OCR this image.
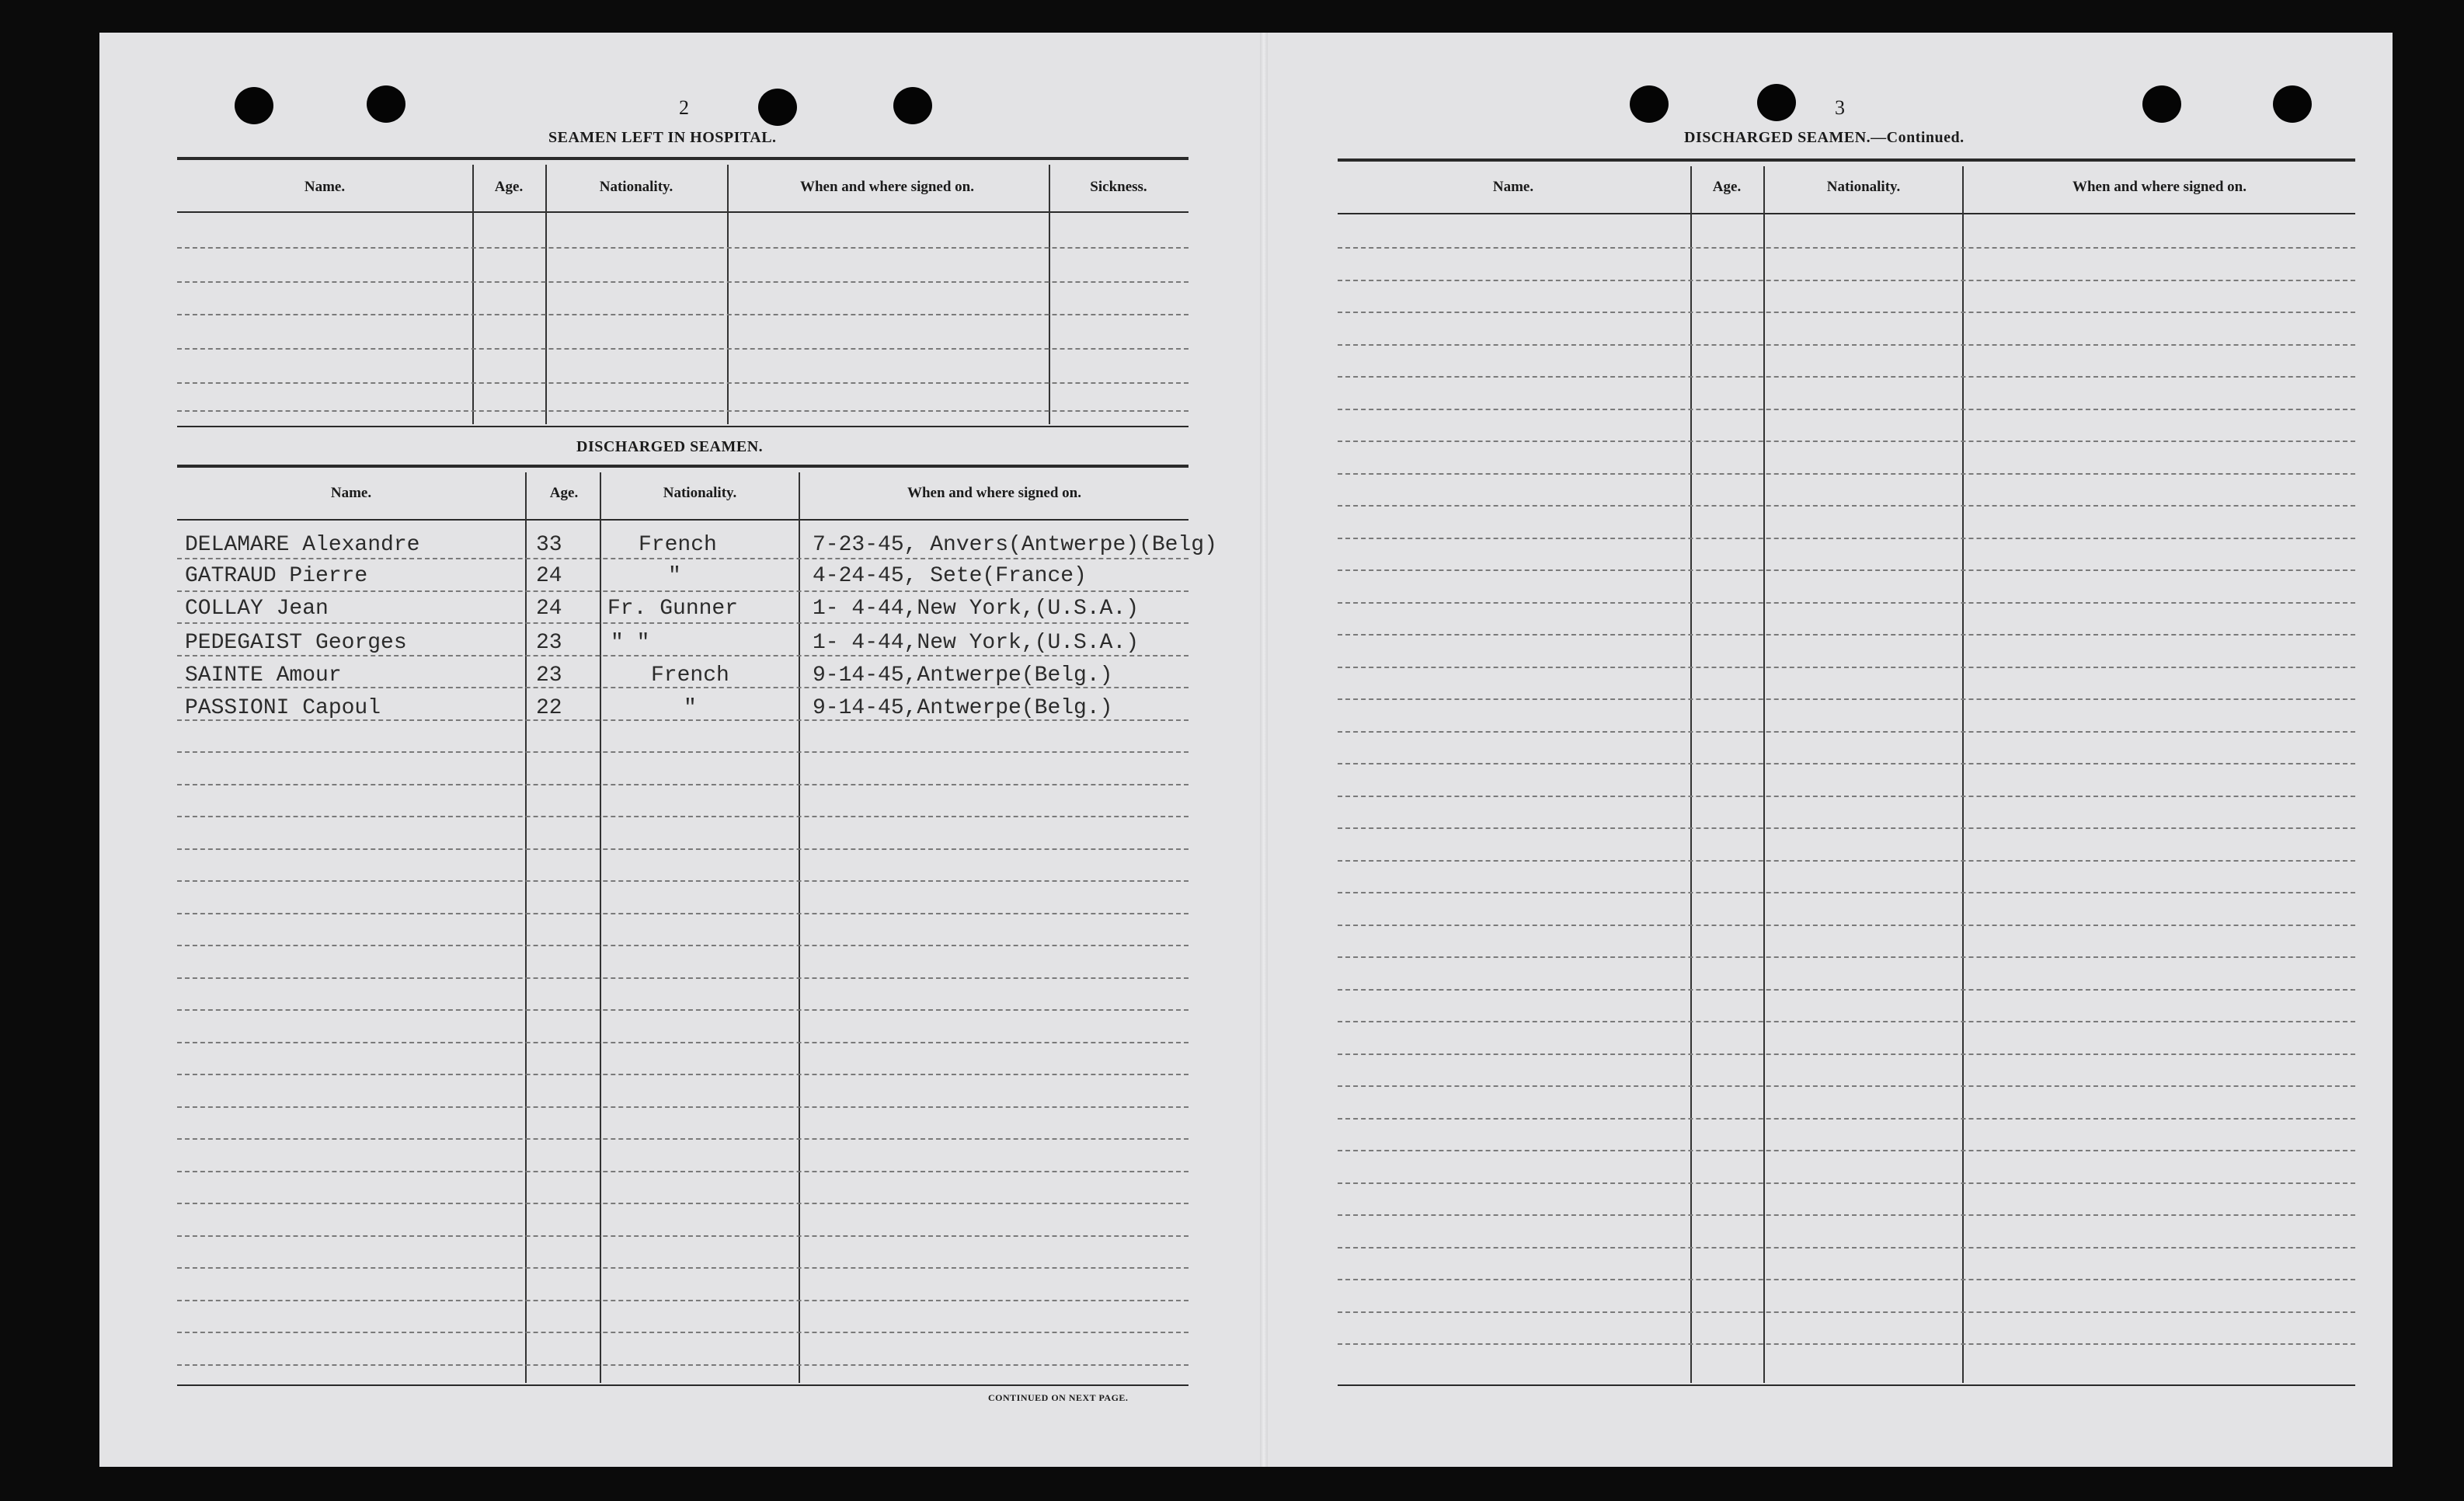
2
SEAMEN LEFT IN HOSPITAL.
Name.	Age.	Nationality.	When and where signed on.	Sickness.
DISCHARGED SEAMEN.
Name.	Age.	Nationality.	When and where signed on.
DELAMARE Alexandre	33	French	7-23-45, Anvers(Antwerpe)(Belg)
GATRAUD Pierre	24	"	4-24-45, Sete(France)
COLLAY Jean	24 Fr. Gunner	1- 4-44,New York,(U.S.A.)
PEDEGAIST Georges	23 " "	1- 4-44,New York,(U.S.A.)
SAINTE Amour	23	French	9-14-45,Antwerpe(Belg.)
PASSIONI Capoul	22	"	9-14-45,Antwerpe(Belg.)
CONTINUED ON NEXT PAGE.
3
DISCHARGED SEAMEN.—Continued.
Name.	Age.	Nationality.	When and where signed on.
